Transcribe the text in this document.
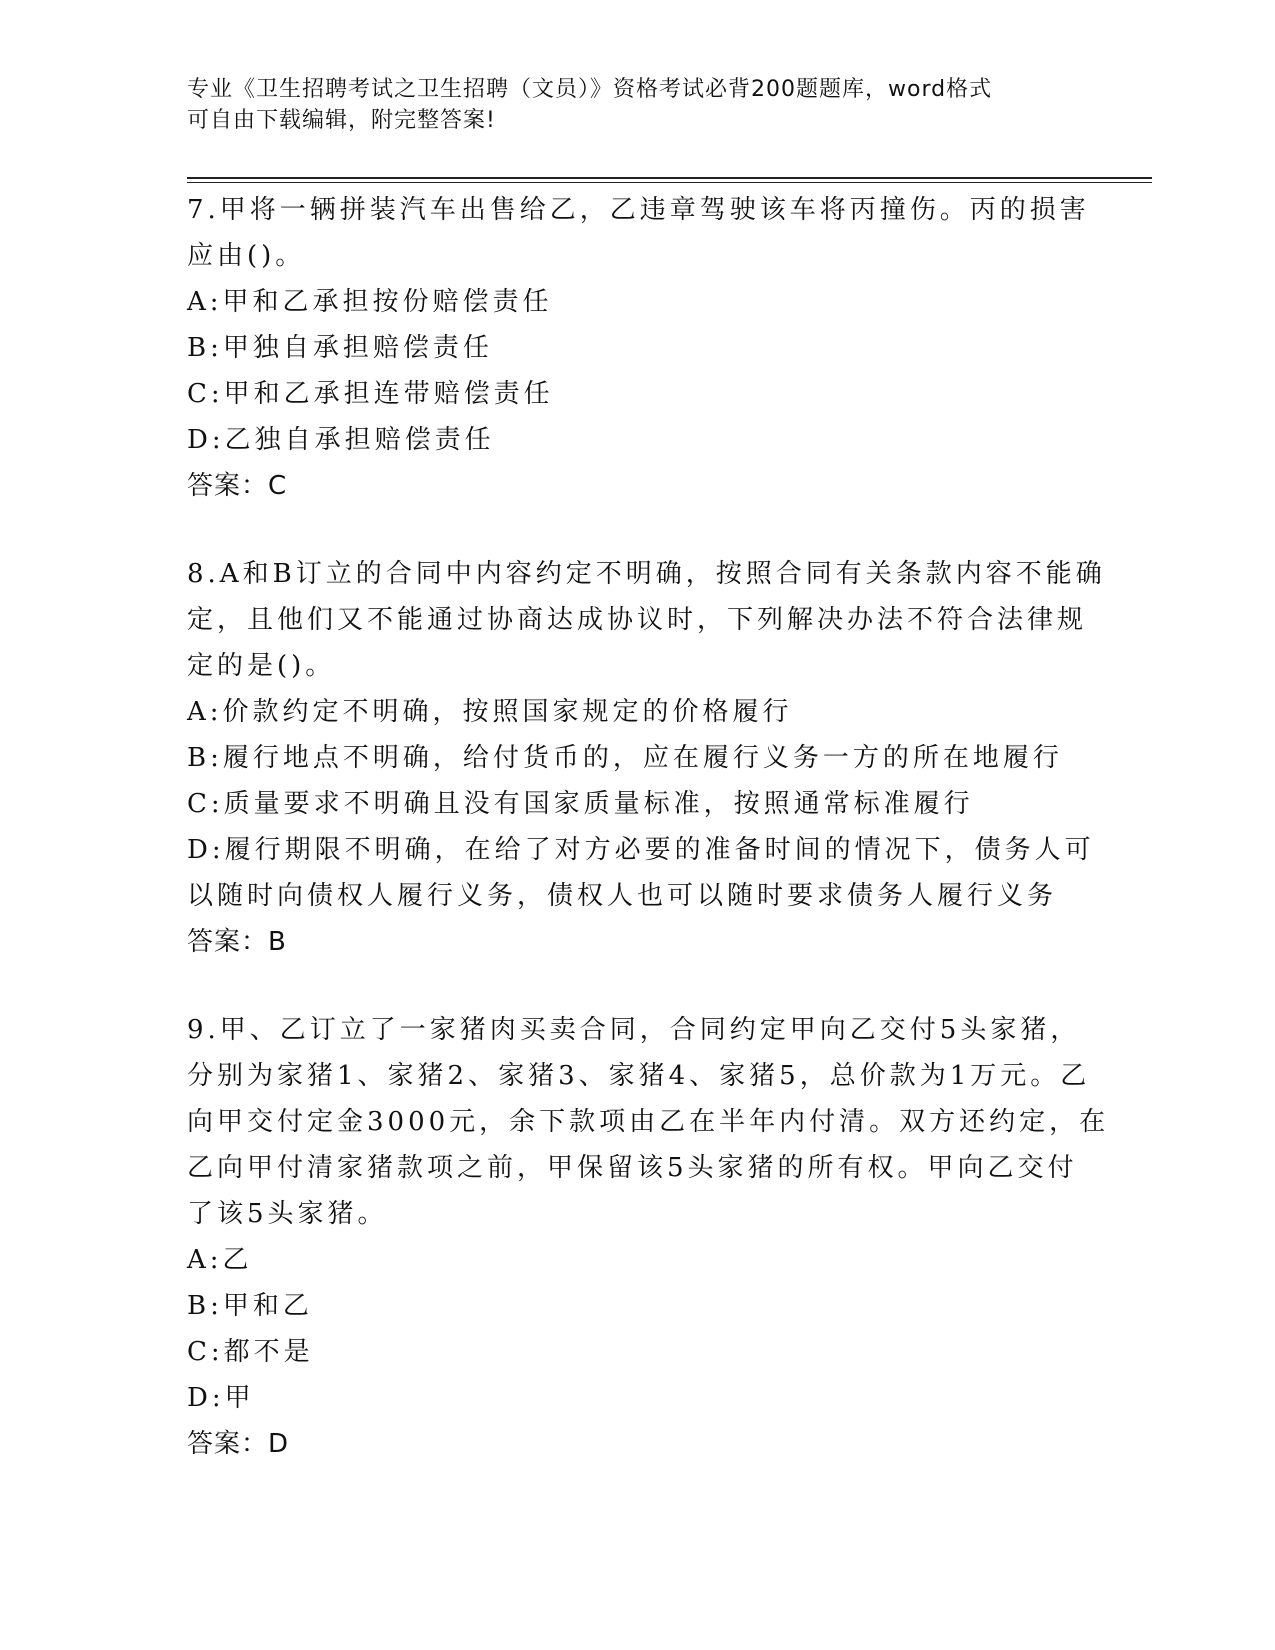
专业《卫生招聘考试之卫生招聘（文员）》资格考试必背200题题库，word格式
可自由下载编辑，附完整答案!
7.甲将一辆拼装汽车出售给乙，乙违章驾驶该车将丙撞伤。丙的损害
应由()。
A:甲和乙承担按份赔偿责任
B:甲独自承担赔偿责任
C:甲和乙承担连带赔偿责任
D:乙独自承担赔偿责任
答案：C
8.A和B订立的合同中内容约定不明确，按照合同有关条款内容不能确
定，且他们又不能通过协商达成协议时，下列解决办法不符合法律规
定的是()。
A:价款约定不明确，按照国家规定的价格履行
B:履行地点不明确，给付货币的，应在履行义务一方的所在地履行
C:质量要求不明确且没有国家质量标准，按照通常标准履行
D:履行期限不明确，在给了对方必要的准备时间的情况下，债务人可
以随时向债权人履行义务，债权人也可以随时要求债务人履行义务
答案：B
9.甲、乙订立了一家猪肉买卖合同，合同约定甲向乙交付5头家猪，
分别为家猪1、家猪2、家猪3、家猪4、家猪5，总价款为1万元。乙
向甲交付定金3000元，余下款项由乙在半年内付清。双方还约定，在
乙向甲付清家猪款项之前，甲保留该5头家猪的所有权。甲向乙交付
了该5头家猪。
A:乙
B:甲和乙
C:都不是
D:甲
答案：D
